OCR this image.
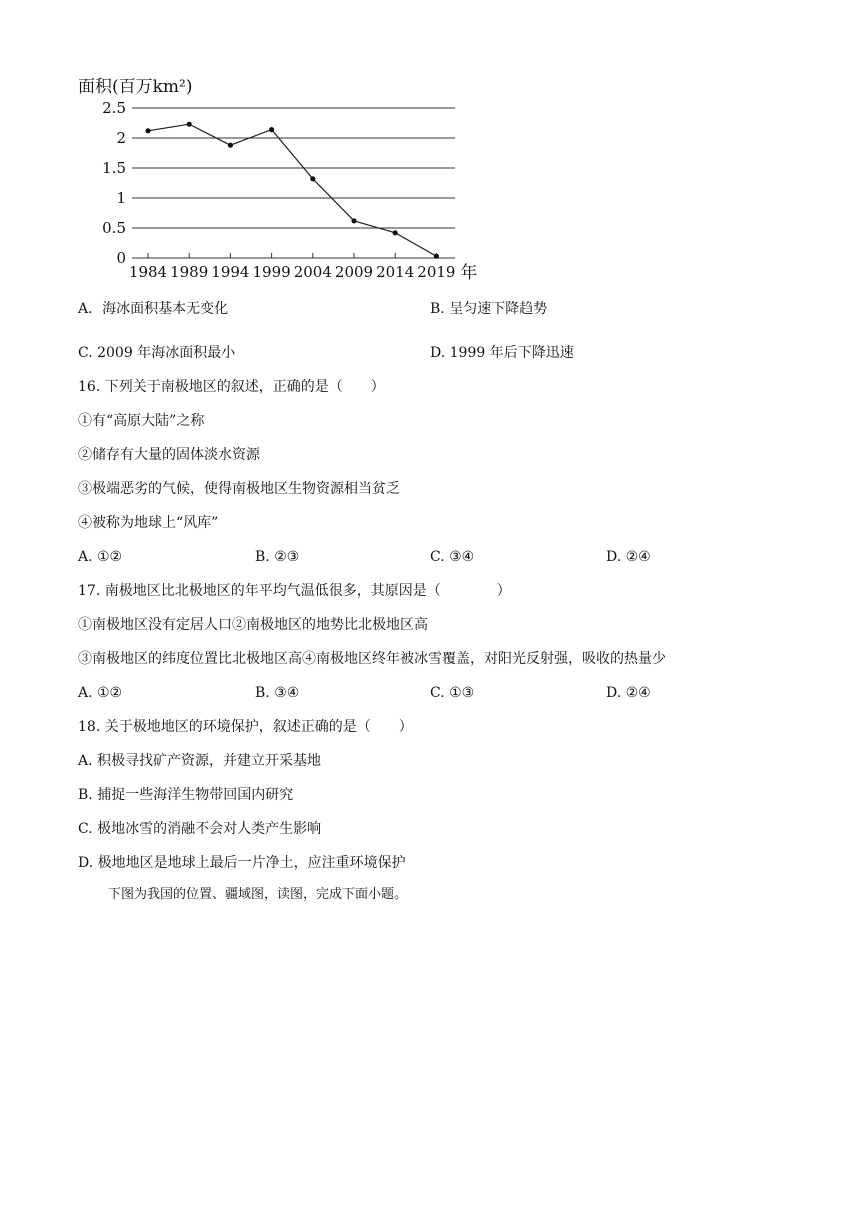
面积(百万km²)
0
0.5
1
1.5
2
2.5
1984 1989 1994 1999 2004 2009 2014 2019 年
A．海冰面积基本无变化	B. 呈匀速下降趋势
C. 2009 年海冰面积最小	D. 1999 年后下降迅速
16. 下列关于南极地区的叙述，正确的是（　　）
①有“高原大陆”之称
②储存有大量的固体淡水资源
③极端恶劣的气候，使得南极地区生物资源相当贫乏
④被称为地球上“风库”
A. ①②	B. ②③	C. ③④	D. ②④
17. 南极地区比北极地区的年平均气温低很多，其原因是（　　　　）
①南极地区没有定居人口②南极地区的地势比北极地区高
③南极地区的纬度位置比北极地区高④南极地区终年被冰雪覆盖，对阳光反射强，吸收的热量少
A. ①②	B. ③④	C. ①③	D. ②④
18. 关于极地地区的环境保护，叙述正确的是（　　）
A. 积极寻找矿产资源，并建立开采基地
B. 捕捉一些海洋生物带回国内研究
C. 极地冰雪的消融不会对人类产生影响
D. 极地地区是地球上最后一片净土，应注重环境保护
下图为我国的位置、疆域图，读图，完成下面小题。
